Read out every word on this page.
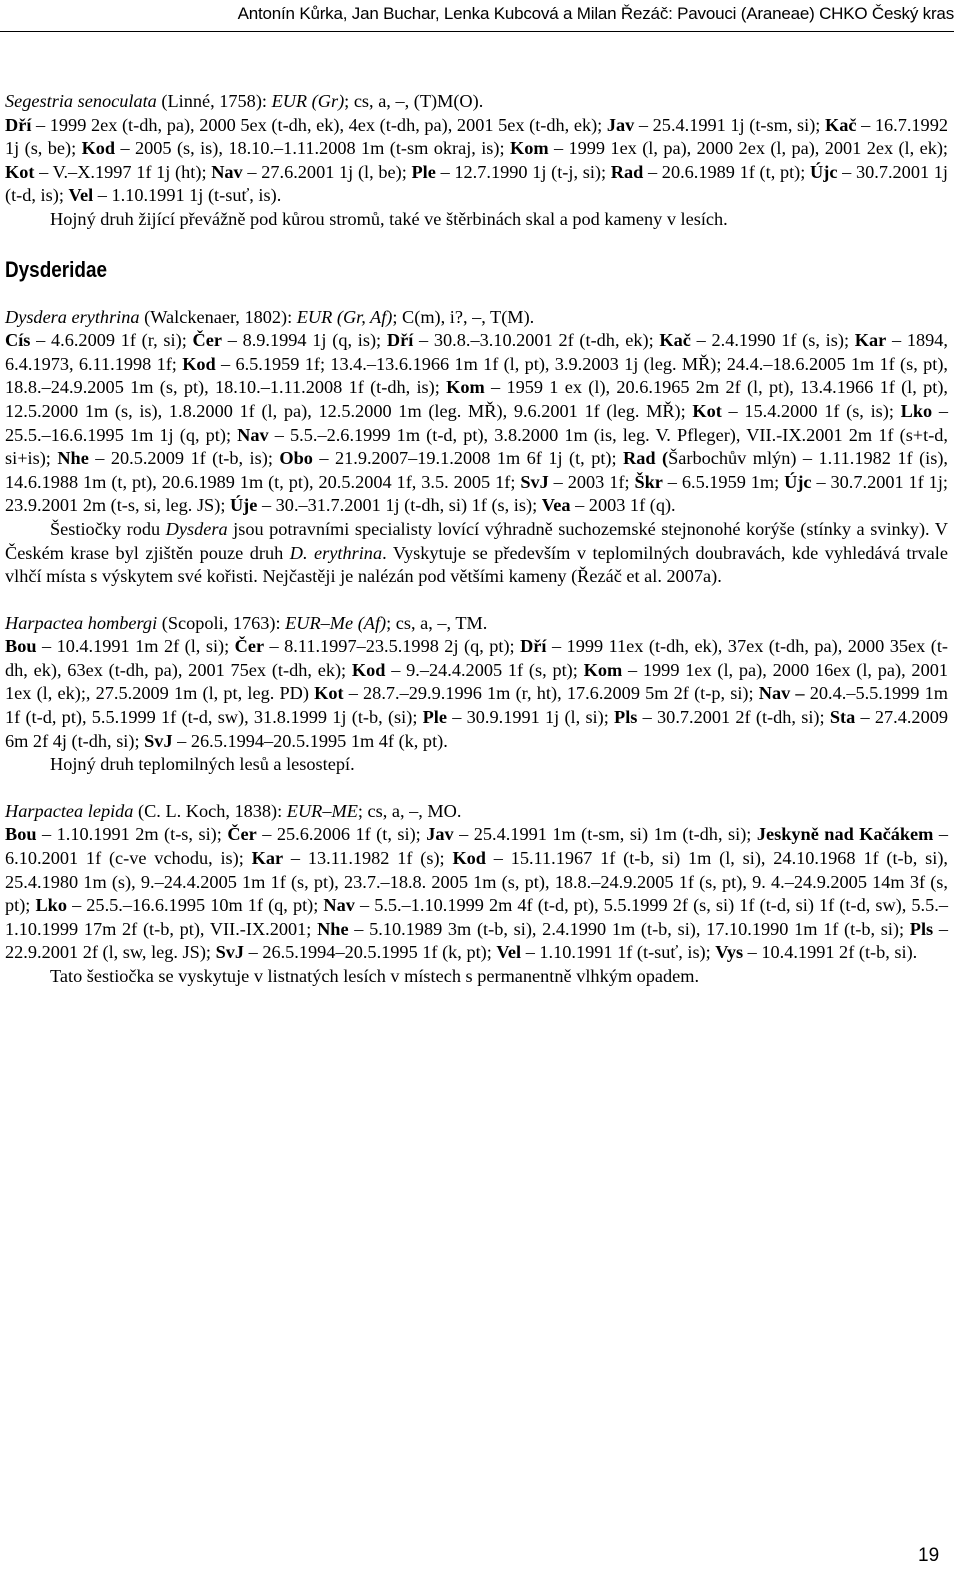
Antonín Kůrka, Jan Buchar, Lenka Kubcová a Milan Řezáč: Pavouci (Araneae) CHKO Český kras

Segestria senoculata (Linné, 1758): EUR (Gr); cs, a, –, (T)M(O).
Dří – 1999 2ex (t-dh, pa), 2000 5ex (t-dh, ek), 4ex (t-dh, pa), 2001 5ex (t-dh, ek); Jav – 25.4.1991 1j (t-sm, si); Kač – 16.7.1992 1j (s, be); Kod – 2005 (s, is), 18.10.–1.11.2008 1m (t-sm okraj, is); Kom – 1999 1ex (l, pa), 2000 2ex (l, pa), 2001 2ex (l, ek); Kot – V.–X.1997 1f 1j (ht); Nav – 27.6.2001 1j (l, be); Ple – 12.7.1990 1j (t-j, si); Rad – 20.6.1989 1f (t, pt); Újc – 30.7.2001 1j (t-d, is); Vel – 1.10.1991 1j (t-suť, is).

Hojný druh žijící převážně pod kůrou stromů, také ve štěrbinách skal a pod kameny v lesích.

Dysderidae

Dysdera erythrina (Walckenaer, 1802): EUR (Gr, Af); C(m), i?, –, T(M).
Cís – 4.6.2009 1f (r, si); Čer – 8.9.1994 1j (q, is); Dří – 30.8.–3.10.2001 2f (t-dh, ek); Kač – 2.4.1990 1f (s, is); Kar – 1894, 6.4.1973, 6.11.1998 1f; Kod – 6.5.1959 1f; 13.4.–13.6.1966 1m 1f (l, pt), 3.9.2003 1j (leg. MŘ); 24.4.–18.6.2005 1m 1f (s, pt), 18.8.–24.9.2005 1m (s, pt), 18.10.–1.11.2008 1f (t-dh, is); Kom – 1959 1 ex (l), 20.6.1965 2m 2f (l, pt), 13.4.1966 1f (l, pt), 12.5.2000 1m (s, is), 1.8.2000 1f (l, pa), 12.5.2000 1m (leg. MŘ), 9.6.2001 1f (leg. MŘ); Kot – 15.4.2000 1f (s, is); Lko – 25.5.–16.6.1995 1m 1j (q, pt); Nav – 5.5.–2.6.1999 1m (t-d, pt), 3.8.2000 1m (is, leg. V. Pfleger), VII.-IX.2001 2m 1f (s+t-d, si+is); Nhe – 20.5.2009 1f (t-b, is); Obo – 21.9.2007–19.1.2008 1m 6f 1j (t, pt); Rad (Šarbochův mlýn) – 1.11.1982 1f (is), 14.6.1988 1m (t, pt), 20.6.1989 1m (t, pt), 20.5.2004 1f, 3.5. 2005 1f; SvJ – 2003 1f; Škr – 6.5.1959 1m; Újc – 30.7.2001 1f 1j; 23.9.2001 2m (t-s, si, leg. JS); Úje – 30.–31.7.2001 1j (t-dh, si) 1f (s, is); Vea – 2003 1f (q).

Šestiočky rodu Dysdera jsou potravními specialisty lovící výhradně suchozemské stejnonohé korýše (stínky a svinky). V Českém krase byl zjištěn pouze druh D. erythrina. Vyskytuje se především v teplomilných doubravách, kde vyhledává trvale vlhčí místa s výskytem své kořisti. Nejčastěji je nalézán pod většími kameny (Řezáč et al. 2007a).

Harpactea hombergi (Scopoli, 1763): EUR–Me (Af); cs, a, –, TM.
Bou – 10.4.1991 1m 2f (l, si); Čer – 8.11.1997–23.5.1998 2j (q, pt); Dří – 1999 11ex (t-dh, ek), 37ex (t-dh, pa), 2000 35ex (t-dh, ek), 63ex (t-dh, pa), 2001 75ex (t-dh, ek); Kod – 9.–24.4.2005 1f (s, pt); Kom – 1999 1ex (l, pa), 2000 16ex (l, pa), 2001 1ex (l, ek);, 27.5.2009 1m (l, pt, leg. PD) Kot – 28.7.–29.9.1996 1m (r, ht), 17.6.2009 5m 2f (t-p, si); Nav – 20.4.–5.5.1999 1m 1f (t-d, pt), 5.5.1999 1f (t-d, sw), 31.8.1999 1j (t-b, (si); Ple – 30.9.1991 1j (l, si); Pls – 30.7.2001 2f (t-dh, si); Sta – 27.4.2009 6m 2f 4j (t-dh, si); SvJ – 26.5.1994–20.5.1995 1m 4f (k, pt).

Hojný druh teplomilných lesů a lesostepí.

Harpactea lepida (C. L. Koch, 1838): EUR–ME; cs, a, –, MO.
Bou – 1.10.1991 2m (t-s, si); Čer – 25.6.2006 1f (t, si); Jav – 25.4.1991 1m (t-sm, si) 1m (t-dh, si); Jeskyně nad Kačákem – 6.10.2001 1f (c-ve vchodu, is); Kar – 13.11.1982 1f (s); Kod – 15.11.1967 1f (t-b, si) 1m (l, si), 24.10.1968 1f (t-b, si), 25.4.1980 1m (s), 9.–24.4.2005 1m 1f (s, pt), 23.7.–18.8. 2005 1m (s, pt), 18.8.–24.9.2005 1f (s, pt), 9. 4.–24.9.2005 14m 3f (s, pt); Lko – 25.5.–16.6.1995 10m 1f (q, pt); Nav – 5.5.–1.10.1999 2m 4f (t-d, pt), 5.5.1999 2f (s, si) 1f (t-d, si) 1f (t-d, sw), 5.5.–1.10.1999 17m 2f (t-b, pt), VII.-IX.2001; Nhe – 5.10.1989 3m (t-b, si), 2.4.1990 1m (t-b, si), 17.10.1990 1m 1f (t-b, si); Pls – 22.9.2001 2f (l, sw, leg. JS); SvJ – 26.5.1994–20.5.1995 1f (k, pt); Vel – 1.10.1991 1f (t-suť, is); Vys – 10.4.1991 2f (t-b, si).

Tato šestiočka se vyskytuje v listnatých lesích v místech s permanentně vlhkým opadem.

19
